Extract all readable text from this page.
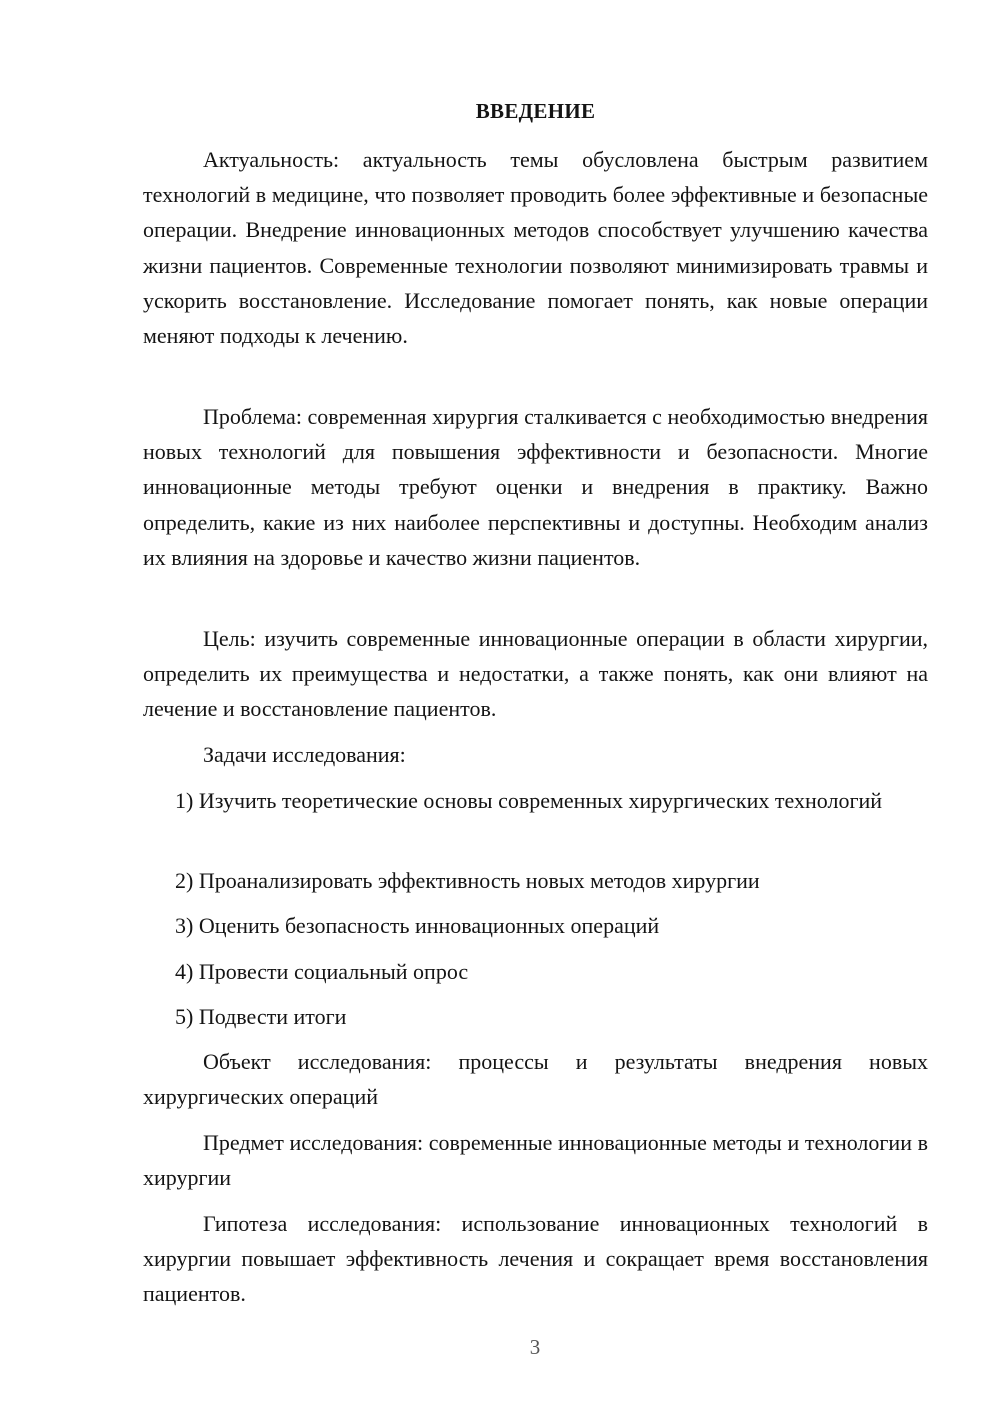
ВВЕДЕНИЕ

Актуальность: актуальность темы обусловлена быстрым развитием технологий в медицине, что позволяет проводить более эффективные и безопасные операции. Внедрение инновационных методов способствует улучшению качества жизни пациентов. Современные технологии позволяют минимизировать травмы и ускорить восстановление. Исследование помогает понять, как новые операции меняют подходы к лечению.

Проблема: современная хирургия сталкивается с необходимостью внедрения новых технологий для повышения эффективности и безопасности. Многие инновационные методы требуют оценки и внедрения в практику. Важно определить, какие из них наиболее перспективны и доступны. Необходим анализ их влияния на здоровье и качество жизни пациентов.

Цель: изучить современные инновационные операции в области хирургии, определить их преимущества и недостатки, а также понять, как они влияют на лечение и восстановление пациентов.

Задачи исследования:

1) Изучить теоретические основы современных хирургических технологий

2) Проанализировать эффективность новых методов хирургии

3) Оценить безопасность инновационных операций

4) Провести социальный опрос

5) Подвести итоги

Объект исследования: процессы и результаты внедрения новых хирургических операций

Предмет исследования: современные инновационные методы и технологии в хирургии

Гипотеза исследования: использование инновационных технологий в хирургии повышает эффективность лечения и сокращает время восстановления пациентов.

3
